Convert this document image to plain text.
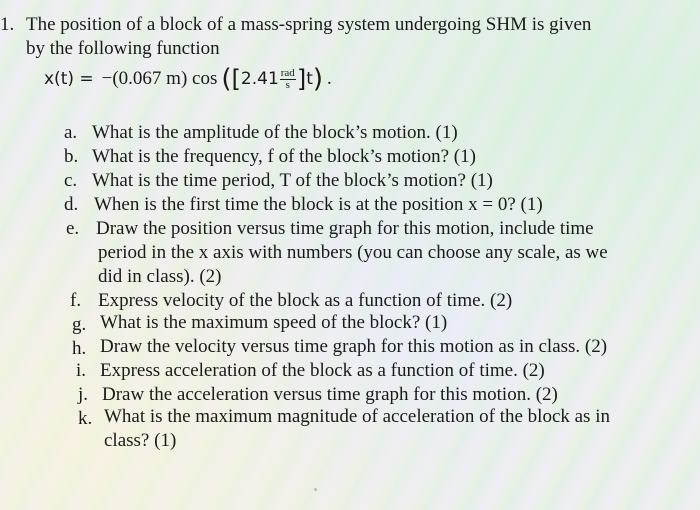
1. The position of a block of a mass-spring system undergoing SHM is given
by the following function
x(t) = −(0.067 m) cos ( [ $2.41 \frac{\text{rad}}{s}$ ] t ) .
a. What is the amplitude of the block’s motion. (1)
b. What is the frequency, f of the block’s motion? (1)
c. What is the time period, T of the block’s motion? (1)
d. When is the first time the block is at the position x = 0? (1)
e. Draw the position versus time graph for this motion, include time
period in the x axis with numbers (you can choose any scale, as we
did in class). (2)
f. Express velocity of the block as a function of time. (2)
g. What is the maximum speed of the block? (1)
h. Draw the velocity versus time graph for this motion as in class. (2)
i. Express acceleration of the block as a function of time. (2)
j. Draw the acceleration versus time graph for this motion. (2)
k. What is the maximum magnitude of acceleration of the block as in
class? (1)
